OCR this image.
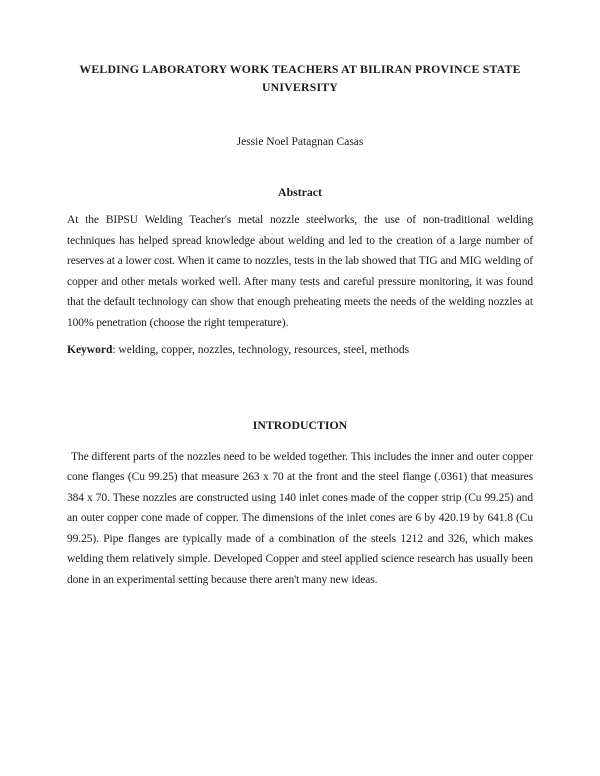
WELDING LABORATORY WORK TEACHERS AT BILIRAN PROVINCE STATE UNIVERSITY
Jessie Noel Patagnan Casas
Abstract

At the BIPSU Welding Teacher's metal nozzle steelworks, the use of non-traditional welding techniques has helped spread knowledge about welding and led to the creation of a large number of reserves at a lower cost. When it came to nozzles, tests in the lab showed that TIG and MIG welding of copper and other metals worked well. After many tests and careful pressure monitoring, it was found that the default technology can show that enough preheating meets the needs of the welding nozzles at 100% penetration (choose the right temperature).

Keyword: welding, copper, nozzles, technology, resources, steel, methods

INTRODUCTION

The different parts of the nozzles need to be welded together. This includes the inner and outer copper cone flanges (Cu 99.25) that measure 263 x 70 at the front and the steel flange (.0361) that measures 384 x 70. These nozzles are constructed using 140 inlet cones made of the copper strip (Cu 99.25) and an outer copper cone made of copper. The dimensions of the inlet cones are 6 by 420.19 by 641.8 (Cu 99.25). Pipe flanges are typically made of a combination of the steels 1212 and 326, which makes welding them relatively simple. Developed Copper and steel applied science research has usually been done in an experimental setting because there aren't many new ideas.
